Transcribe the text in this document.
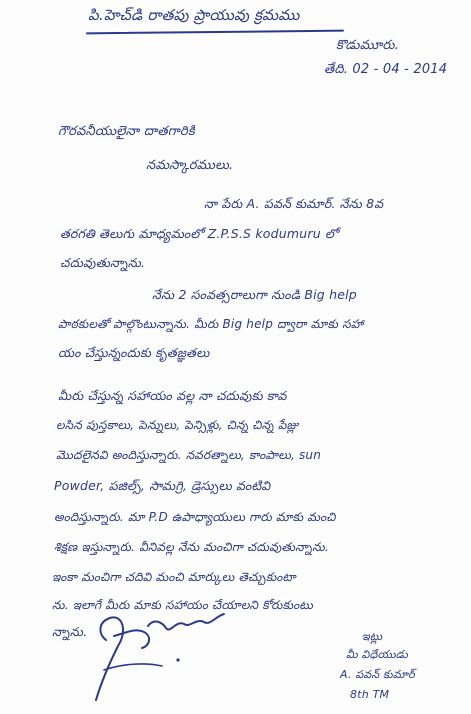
పి.హెచ్‌డి రాతపు ప్రాయువు క్రమము
కొడుమూరు.
తేది. 02 - 04 - 2014
గౌరవనీయులైనా దాతగారికి
నమస్కారములు.
నా పేరు A. పవన్ కుమార్. నేను 8వ
తరగతి తెలుగు మాధ్యమంలో Z.P.S.S kodumuru లో
చదువుతున్నాను.
నేను 2 సంవత్సరాలుగా నుండి Big help
పాఠకులతో పాల్గొంటున్నాను. మీరు Big help ద్వారా మాకు సహా
యం చేస్తున్నందుకు కృతజ్ఞతలు
మీరు చేస్తున్న సహాయం వల్ల నా చదువుకు కావ
లసిన పుస్తకాలు, పెన్నులు, పెన్సిళ్లు, చిన్న చిన్న పేజ్లు
మొదలైనవి అందిస్తున్నారు. నవరత్నాలు, కాంపాలు, sun
Powder, పజిల్స్, సామగ్రి, డ్రెస్సులు వంటివి
అందిస్తున్నారు. మా P.D ఉపాధ్యాయులు గారు మాకు మంచి
శిక్షణ ఇస్తున్నారు. వీనివల్ల నేను మంచిగా చదువుతున్నాను.
ఇంకా మంచిగా చదివి మంచి మార్కులు తెచ్చుకుంటా
ను. ఇలాగే మీరు మాకు సహాయం చేయాలని కోరుకుంటు
న్నాను.	ఇట్లు
మీ విధేయుడు
A. పవన్ కుమార్
8th TM
